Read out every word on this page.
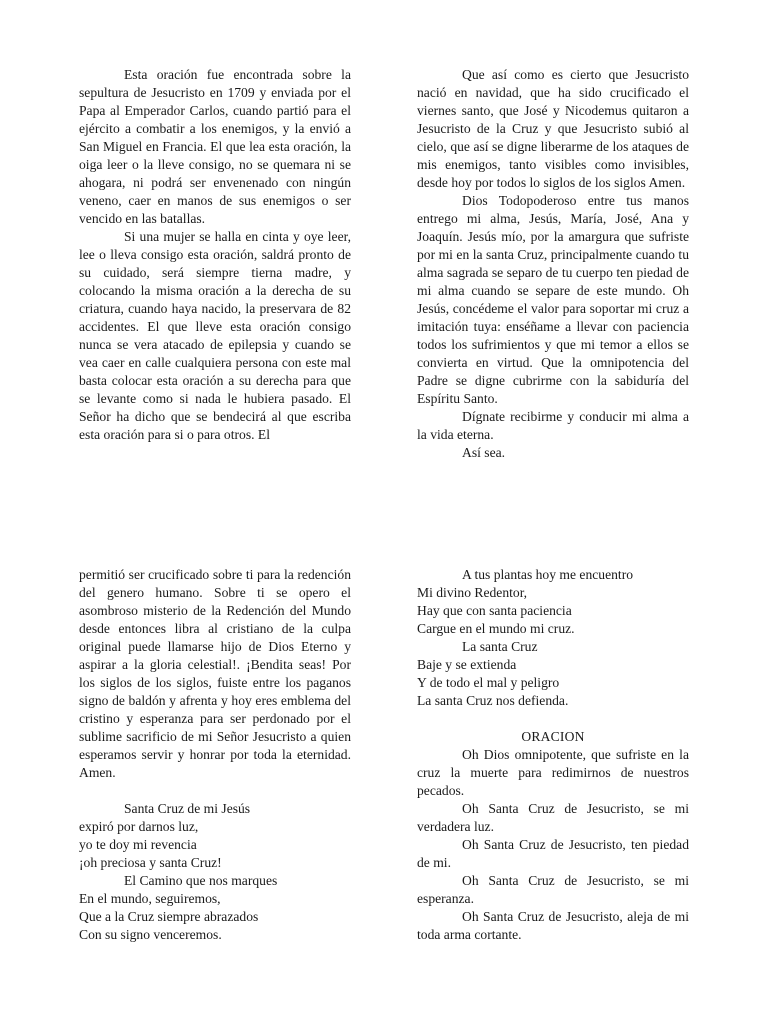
Esta oración fue encontrada sobre la sepultura de Jesucristo en 1709 y enviada por el Papa al Emperador Carlos, cuando partió para el ejército a combatir a los enemigos, y la envió a San Miguel en Francia. El que lea esta oración, la oiga leer o la lleve consigo, no se quemara ni se ahogara, ni podrá ser envenenado con ningún veneno, caer en manos de sus enemigos o ser vencido en las batallas.

Si una mujer se halla en cinta y oye leer, lee o lleva consigo esta oración, saldrá pronto de su cuidado, será siempre tierna madre, y colocando la misma oración a la derecha de su criatura, cuando haya nacido, la preservara de 82 accidentes. El que lleve esta oración consigo nunca se vera atacado de epilepsia y cuando se vea caer en calle cualquiera persona con este mal basta colocar esta oración a su derecha para que se levante como si nada le hubiera pasado. El Señor ha dicho que se bendecirá al que escriba esta oración para si o para otros. El

Que así como es cierto que Jesucristo nació en navidad, que ha sido crucificado el viernes santo, que José y Nicodemus quitaron a Jesucristo de la Cruz y que Jesucristo subió al cielo, que así se digne liberarme de los ataques de mis enemigos, tanto visibles como invisibles, desde hoy por todos lo siglos de los siglos Amen.

Dios Todopoderoso entre tus manos entrego mi alma, Jesús, María, José, Ana y Joaquín. Jesús mío, por la amargura que sufriste por mi en la santa Cruz, principalmente cuando tu alma sagrada se separo de tu cuerpo ten piedad de mi alma cuando se separe de este mundo. Oh Jesús, concédeme el valor para soportar mi cruz a imitación tuya: enséñame a llevar con paciencia todos los sufrimientos y que mi temor a ellos se convierta en virtud. Que la omnipotencia del Padre se digne cubrirme con la sabiduría del Espíritu Santo.

Dígnate recibirme y conducir mi alma a la vida eterna.

Así sea.

permitió ser crucificado sobre ti para la redención del genero humano. Sobre ti se opero el asombroso misterio de la Redención del Mundo desde entonces libra al cristiano de la culpa original puede llamarse hijo de Dios Eterno y aspirar a la gloria celestial!. ¡Bendita seas! Por los siglos de los siglos, fuiste entre los paganos signo de baldón y afrenta y hoy eres emblema del cristino y esperanza para ser perdonado por el sublime sacrificio de mi Señor Jesucristo a quien esperamos servir y honrar por toda la eternidad. Amen.

Santa Cruz de mi Jesús
expiró por darnos luz,
yo te doy mi revencia
¡oh preciosa y santa Cruz!
El Camino que nos marques
En el mundo, seguiremos,
Que a la Cruz siempre abrazados
Con su signo venceremos.
A tus plantas hoy me encuentro
Mi divino Redentor,
Hay que con santa paciencia
Cargue en el mundo mi cruz.
La santa Cruz
Baje y se extienda
Y de todo el mal y peligro
La santa Cruz nos defienda.
ORACION

Oh Dios omnipotente, que sufriste en la cruz la muerte para redimirnos de nuestros pecados.

Oh Santa Cruz de Jesucristo, se mi verdadera luz.

Oh Santa Cruz de Jesucristo, ten piedad de mi.

Oh Santa Cruz de Jesucristo, se mi esperanza.

Oh Santa Cruz de Jesucristo, aleja de mi toda arma cortante.
